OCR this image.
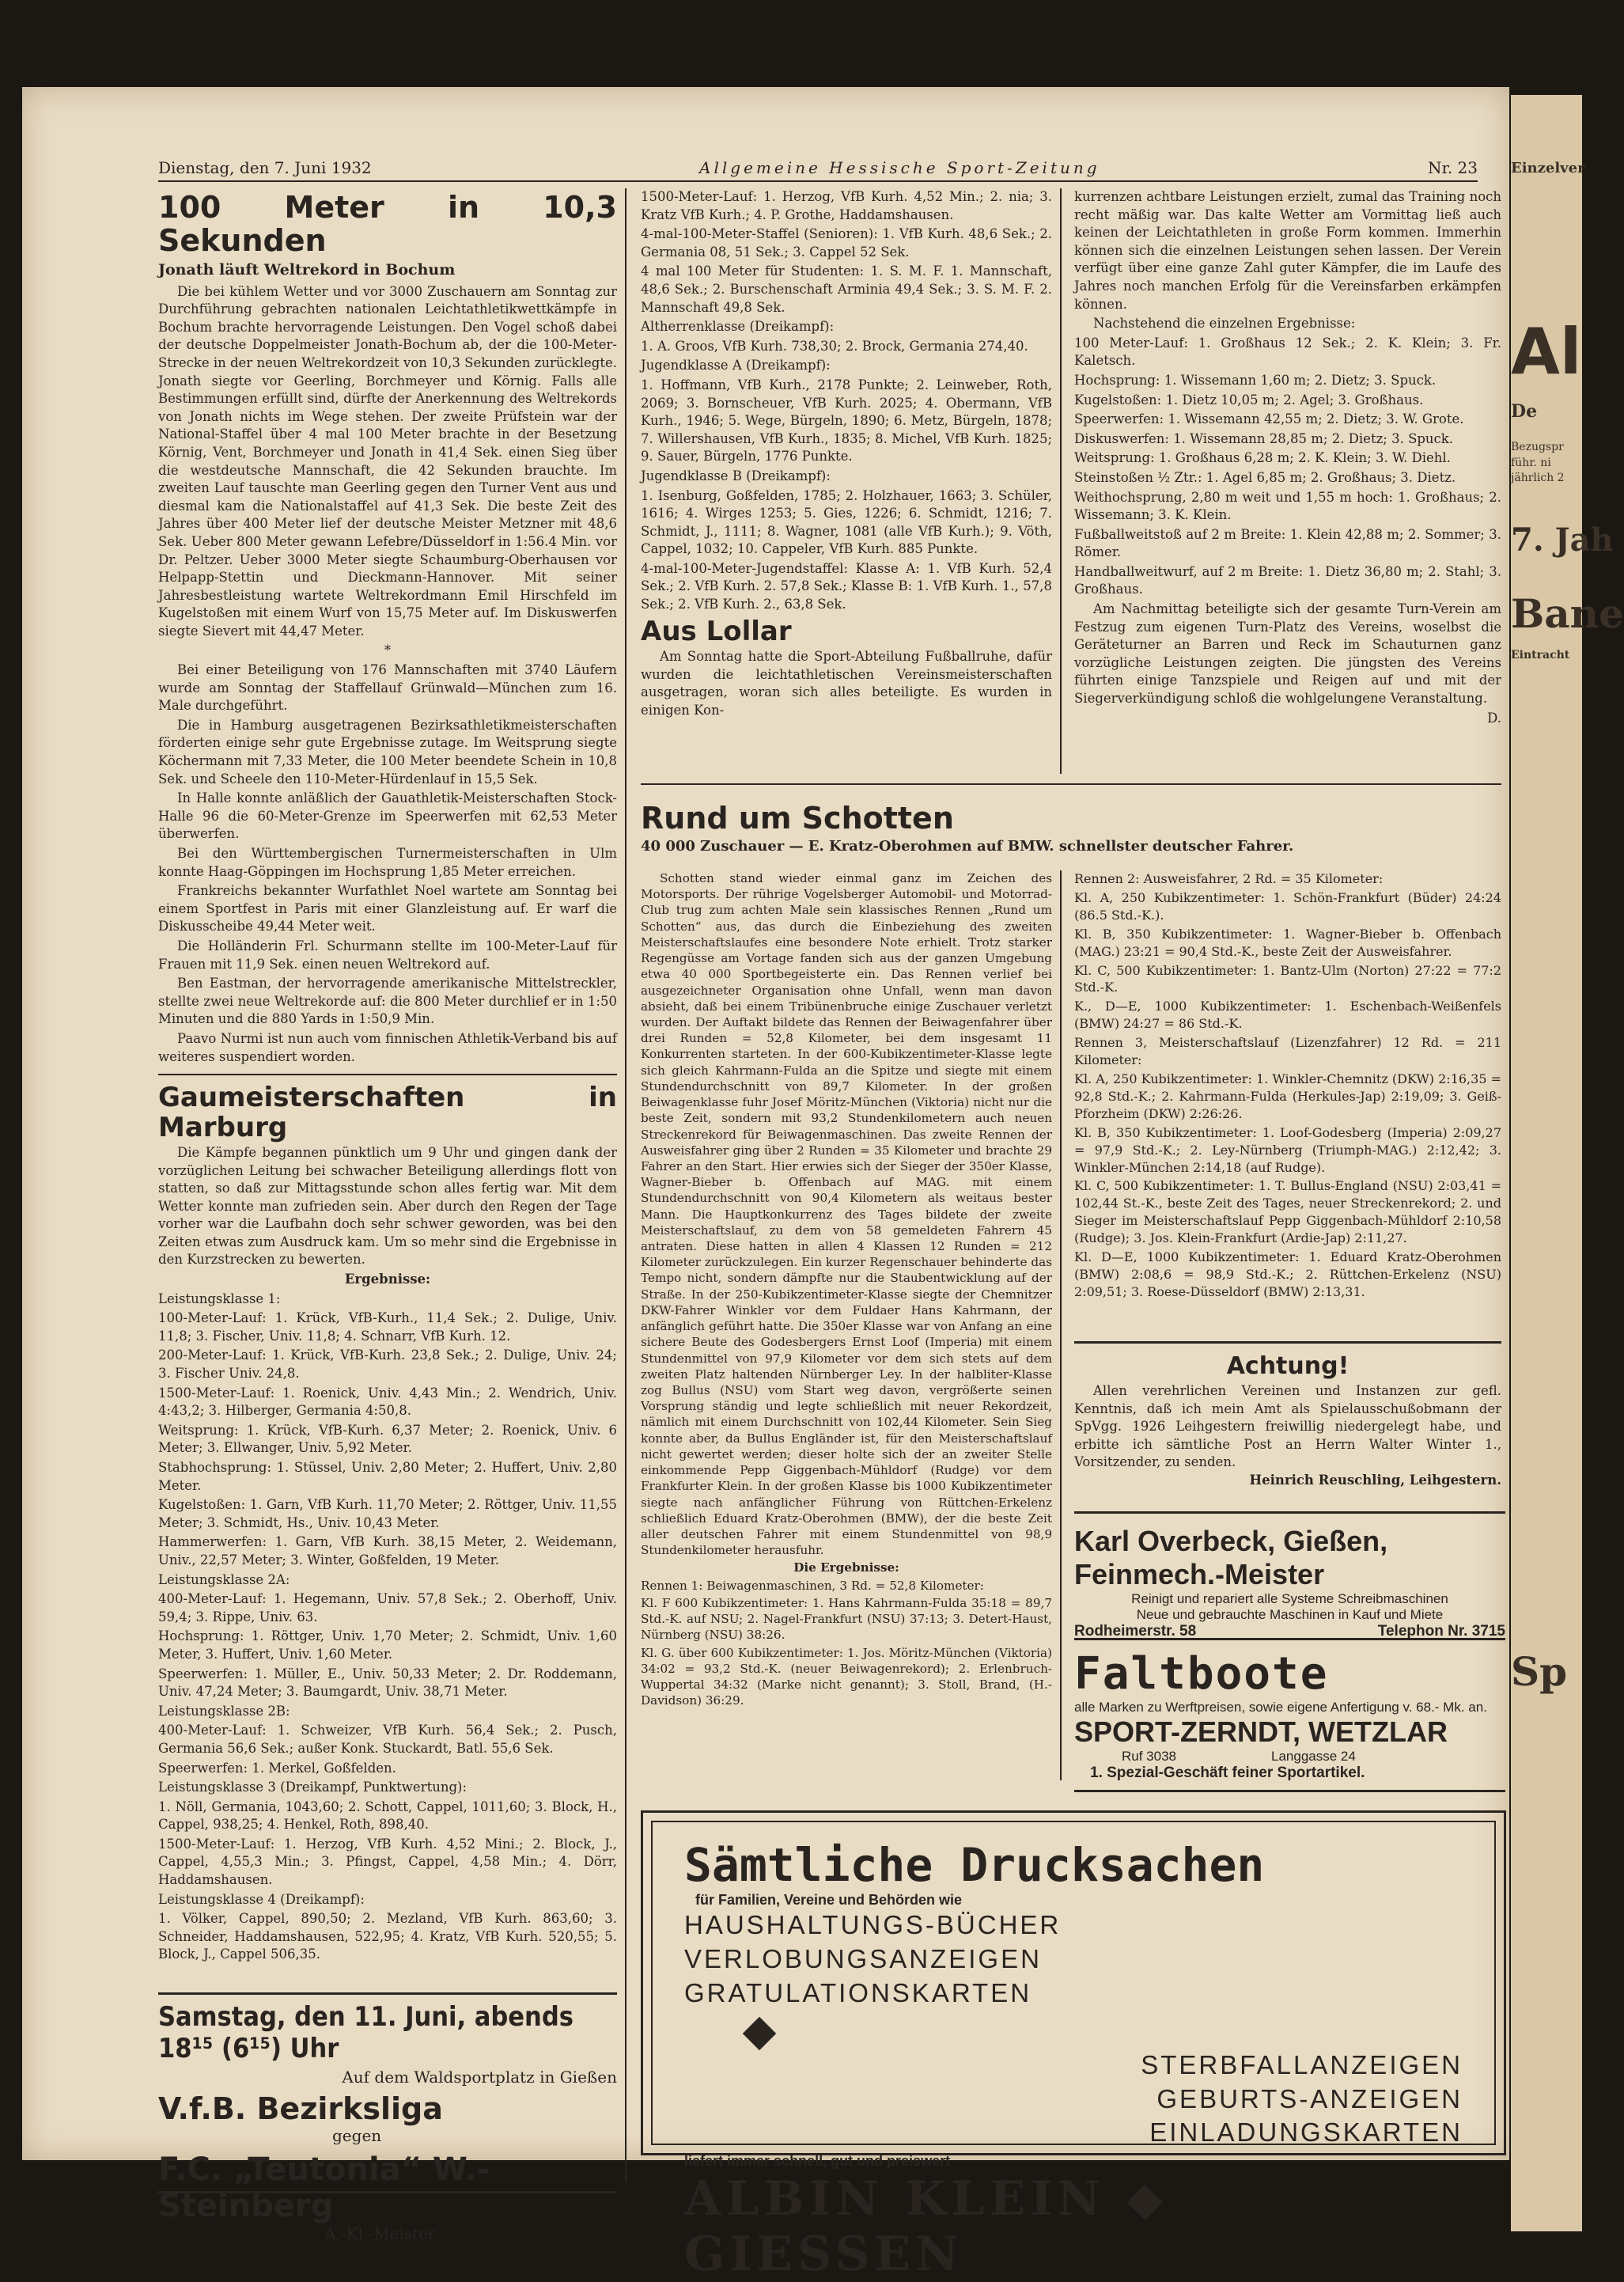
Dienstag, den 7. Juni 1932	Allgemeine Hessische Sport-Zeitung	Nr. 23
100 Meter in 10,3 Sekunden
Jonath läuft Weltrekord in Bochum

Die bei kühlem Wetter und vor 3000 Zuschauern am Sonntag zur Durchführung gebrachten nationalen Leichtathletikwettkämpfe in Bochum brachte hervorragende Leistungen. Den Vogel schoß dabei der deutsche Doppelmeister Jonath-Bochum ab, der die 100-Meter-Strecke in der neuen Weltrekordzeit von 10,3 Sekunden zurücklegte. Jonath siegte vor Geerling, Borchmeyer und Körnig. Falls alle Bestimmungen erfüllt sind, dürfte der Anerkennung des Weltrekords von Jonath nichts im Wege stehen. Der zweite Prüfstein war der National-Staffel über 4 mal 100 Meter brachte in der Besetzung Körnig, Vent, Borchmeyer und Jonath in 41,4 Sek. einen Sieg über die westdeutsche Mannschaft, die 42 Sekunden brauchte. Im zweiten Lauf tauschte man Geerling gegen den Turner Vent aus und diesmal kam die Nationalstaffel auf 41,3 Sek. Die beste Zeit des Jahres über 400 Meter lief der deutsche Meister Metzner mit 48,6 Sek. Ueber 800 Meter gewann Lefebre/Düsseldorf in 1:56.4 Min. vor Dr. Peltzer. Ueber 3000 Meter siegte Schaumburg-Oberhausen vor Helpapp-Stettin und Dieckmann-Hannover. Mit seiner Jahresbestleistung wartete Weltrekordmann Emil Hirschfeld im Kugelstoßen mit einem Wurf von 15,75 Meter auf. Im Diskuswerfen siegte Sievert mit 44,47 Meter.

*

Bei einer Beteiligung von 176 Mannschaften mit 3740 Läufern wurde am Sonntag der Staffellauf Grünwald—München zum 16. Male durchgeführt.

Die in Hamburg ausgetragenen Bezirksathletikmeisterschaften förderten einige sehr gute Ergebnisse zutage. Im Weitsprung siegte Köchermann mit 7,33 Meter, die 100 Meter beendete Schein in 10,8 Sek. und Scheele den 110-Meter-Hürdenlauf in 15,5 Sek.

In Halle konnte anläßlich der Gauathletik-Meisterschaften Stock-Halle 96 die 60-Meter-Grenze im Speerwerfen mit 62,53 Meter überwerfen.

Bei den Württembergischen Turnermeisterschaften in Ulm konnte Haag-Göppingen im Hochsprung 1,85 Meter erreichen.

Frankreichs bekannter Wurfathlet Noel wartete am Sonntag bei einem Sportfest in Paris mit einer Glanzleistung auf. Er warf die Diskusscheibe 49,44 Meter weit.

Die Holländerin Frl. Schurmann stellte im 100-Meter-Lauf für Frauen mit 11,9 Sek. einen neuen Weltrekord auf.

Ben Eastman, der hervorragende amerikanische Mittelstreckler, stellte zwei neue Weltrekorde auf: die 800 Meter durchlief er in 1:50 Minuten und die 880 Yards in 1:50,9 Min.

Paavo Nurmi ist nun auch vom finnischen Athletik-Verband bis auf weiteres suspendiert worden.

Gaumeisterschaften in Marburg

Die Kämpfe begannen pünktlich um 9 Uhr und gingen dank der vorzüglichen Leitung bei schwacher Beteiligung allerdings flott von statten, so daß zur Mittagsstunde schon alles fertig war. Mit dem Wetter konnte man zufrieden sein. Aber durch den Regen der Tage vorher war die Laufbahn doch sehr schwer geworden, was bei den Zeiten etwas zum Ausdruck kam. Um so mehr sind die Ergebnisse in den Kurzstrecken zu bewerten.

Ergebnisse:

Leistungsklasse 1:

100-Meter-Lauf: 1. Krück, VfB-Kurh., 11,4 Sek.; 2. Dulige, Univ. 11,8; 3. Fischer, Univ. 11,8; 4. Schnarr, VfB Kurh. 12.

200-Meter-Lauf: 1. Krück, VfB-Kurh. 23,8 Sek.; 2. Dulige, Univ. 24; 3. Fischer Univ. 24,8.

1500-Meter-Lauf: 1. Roenick, Univ. 4,43 Min.; 2. Wendrich, Univ. 4:43,2; 3. Hilberger, Germania 4:50,8.

Weitsprung: 1. Krück, VfB-Kurh. 6,37 Meter; 2. Roenick, Univ. 6 Meter; 3. Ellwanger, Univ. 5,92 Meter.

Stabhochsprung: 1. Stüssel, Univ. 2,80 Meter; 2. Huffert, Univ. 2,80 Meter.

Kugelstoßen: 1. Garn, VfB Kurh. 11,70 Meter; 2. Röttger, Univ. 11,55 Meter; 3. Schmidt, Hs., Univ. 10,43 Meter.

Hammerwerfen: 1. Garn, VfB Kurh. 38,15 Meter, 2. Weidemann, Univ., 22,57 Meter; 3. Winter, Goßfelden, 19 Meter.

Leistungsklasse 2A:

400-Meter-Lauf: 1. Hegemann, Univ. 57,8 Sek.; 2. Oberhoff, Univ. 59,4; 3. Rippe, Univ. 63.

Hochsprung: 1. Röttger, Univ. 1,70 Meter; 2. Schmidt, Univ. 1,60 Meter, 3. Huffert, Univ. 1,60 Meter.

Speerwerfen: 1. Müller, E., Univ. 50,33 Meter; 2. Dr. Roddemann, Univ. 47,24 Meter; 3. Baumgardt, Univ. 38,71 Meter.

Leistungsklasse 2B:

400-Meter-Lauf: 1. Schweizer, VfB Kurh. 56,4 Sek.; 2. Pusch, Germania 56,6 Sek.; außer Konk. Stuckardt, Batl. 55,6 Sek.

Speerwerfen: 1. Merkel, Goßfelden.

Leistungsklasse 3 (Dreikampf, Punktwertung):

1. Nöll, Germania, 1043,60; 2. Schott, Cappel, 1011,60; 3. Block, H., Cappel, 938,25; 4. Henkel, Roth, 898,40.

1500-Meter-Lauf: 1. Herzog, VfB Kurh. 4,52 Mini.; 2. Block, J., Cappel, 4,55,3 Min.; 3. Pfingst, Cappel, 4,58 Min.; 4. Dörr, Haddamshausen.

Leistungsklasse 4 (Dreikampf):

1. Völker, Cappel, 890,50; 2. Mezland, VfB Kurh. 863,60; 3. Schneider, Haddamshausen, 522,95; 4. Kratz, VfB Kurh. 520,55; 5. Block, J., Cappel 506,35.

Samstag, den 11. Juni, abends 18¹⁵ (6¹⁵) Uhr
Auf dem Waldsportplatz in Gießen
V.f.B. Bezirksliga
gegen
F.C. „Teutonia“ W.-Steinberg
A.-Kl.-Meister

1500-Meter-Lauf: 1. Herzog, VfB Kurh. 4,52 Min.; 2. nia; 3. Kratz VfB Kurh.; 4. P. Grothe, Haddamshausen.

4-mal-100-Meter-Staffel (Senioren): 1. VfB Kurh. 48,6 Sek.; 2. Germania 08, 51 Sek.; 3. Cappel 52 Sek.

4 mal 100 Meter für Studenten: 1. S. M. F. 1. Mannschaft, 48,6 Sek.; 2. Burschenschaft Arminia 49,4 Sek.; 3. S. M. F. 2. Mannschaft 49,8 Sek.

Altherrenklasse (Dreikampf):

1. A. Groos, VfB Kurh. 738,30; 2. Brock, Germania 274,40.

Jugendklasse A (Dreikampf):

1. Hoffmann, VfB Kurh., 2178 Punkte; 2. Leinweber, Roth, 2069; 3. Bornscheuer, VfB Kurh. 2025; 4. Obermann, VfB Kurh., 1946; 5. Wege, Bürgeln, 1890; 6. Metz, Bürgeln, 1878; 7. Willershausen, VfB Kurh., 1835; 8. Michel, VfB Kurh. 1825; 9. Sauer, Bürgeln, 1776 Punkte.

Jugendklasse B (Dreikampf):

1. Isenburg, Goßfelden, 1785; 2. Holzhauer, 1663; 3. Schüler, 1616; 4. Wirges 1253; 5. Gies, 1226; 6. Schmidt, 1216; 7. Schmidt, J., 1111; 8. Wagner, 1081 (alle VfB Kurh.); 9. Vöth, Cappel, 1032; 10. Cappeler, VfB Kurh. 885 Punkte.

4-mal-100-Meter-Jugendstaffel: Klasse A: 1. VfB Kurh. 52,4 Sek.; 2. VfB Kurh. 2. 57,8 Sek.; Klasse B: 1. VfB Kurh. 1., 57,8 Sek.; 2. VfB Kurh. 2., 63,8 Sek.

Aus Lollar

Am Sonntag hatte die Sport-Abteilung Fußballruhe, dafür wurden die leichtathletischen Vereinsmeisterschaften ausgetragen, woran sich alles beteiligte. Es wurden in einigen Kon-

kurrenzen achtbare Leistungen erzielt, zumal das Training noch recht mäßig war. Das kalte Wetter am Vormittag ließ auch keinen der Leichtathleten in große Form kommen. Immerhin können sich die einzelnen Leistungen sehen lassen. Der Verein verfügt über eine ganze Zahl guter Kämpfer, die im Laufe des Jahres noch manchen Erfolg für die Vereinsfarben erkämpfen können.

Nachstehend die einzelnen Ergebnisse:

100 Meter-Lauf: 1. Großhaus 12 Sek.; 2. K. Klein; 3. Fr. Kaletsch.

Hochsprung: 1. Wissemann 1,60 m; 2. Dietz; 3. Spuck.

Kugelstoßen: 1. Dietz 10,05 m; 2. Agel; 3. Großhaus.

Speerwerfen: 1. Wissemann 42,55 m; 2. Dietz; 3. W. Grote.

Diskuswerfen: 1. Wissemann 28,85 m; 2. Dietz; 3. Spuck.

Weitsprung: 1. Großhaus 6,28 m; 2. K. Klein; 3. W. Diehl.

Steinstoßen ½ Ztr.: 1. Agel 6,85 m; 2. Großhaus; 3. Dietz.

Weithochsprung, 2,80 m weit und 1,55 m hoch: 1. Großhaus; 2. Wissemann; 3. K. Klein.

Fußballweitstoß auf 2 m Breite: 1. Klein 42,88 m; 2. Sommer; 3. Römer.

Handballweitwurf, auf 2 m Breite: 1. Dietz 36,80 m; 2. Stahl; 3. Großhaus.

Am Nachmittag beteiligte sich der gesamte Turn-Verein am Festzug zum eigenen Turn-Platz des Vereins, woselbst die Geräteturner an Barren und Reck im Schauturnen ganz vorzügliche Leistungen zeigten. Die jüngsten des Vereins führten einige Tanzspiele und Reigen auf und mit der Siegerverkündigung schloß die wohlgelungene Veranstaltung.

D.

Rund um Schotten
40 000 Zuschauer — E. Kratz-Oberohmen auf BMW. schnellster deutscher Fahrer.

Schotten stand wieder einmal ganz im Zeichen des Motorsports. Der rührige Vogelsberger Automobil- und Motorrad-Club trug zum achten Male sein klassisches Rennen „Rund um Schotten“ aus, das durch die Einbeziehung des zweiten Meisterschaftslaufes eine besondere Note erhielt. Trotz starker Regengüsse am Vortage fanden sich aus der ganzen Umgebung etwa 40 000 Sportbegeisterte ein. Das Rennen verlief bei ausgezeichneter Organisation ohne Unfall, wenn man davon absieht, daß bei einem Tribünenbruche einige Zuschauer verletzt wurden. Der Auftakt bildete das Rennen der Beiwagenfahrer über drei Runden = 52,8 Kilometer, bei dem insgesamt 11 Konkurrenten starteten. In der 600-Kubikzentimeter-Klasse legte sich gleich Kahrmann-Fulda an die Spitze und siegte mit einem Stundendurchschnitt von 89,7 Kilometer. In der großen Beiwagenklasse fuhr Josef Möritz-München (Viktoria) nicht nur die beste Zeit, sondern mit 93,2 Stundenkilometern auch neuen Streckenrekord für Beiwagenmaschinen. Das zweite Rennen der Ausweisfahrer ging über 2 Runden = 35 Kilometer und brachte 29 Fahrer an den Start. Hier erwies sich der Sieger der 350er Klasse, Wagner-Bieber b. Offenbach auf MAG. mit einem Stundendurchschnitt von 90,4 Kilometern als weitaus bester Mann. Die Hauptkonkurrenz des Tages bildete der zweite Meisterschaftslauf, zu dem von 58 gemeldeten Fahrern 45 antraten. Diese hatten in allen 4 Klassen 12 Runden = 212 Kilometer zurückzulegen. Ein kurzer Regenschauer behinderte das Tempo nicht, sondern dämpfte nur die Staubentwicklung auf der Straße. In der 250-Kubikzentimeter-Klasse siegte der Chemnitzer DKW-Fahrer Winkler vor dem Fuldaer Hans Kahrmann, der anfänglich geführt hatte. Die 350er Klasse war von Anfang an eine sichere Beute des Godesbergers Ernst Loof (Imperia) mit einem Stundenmittel von 97,9 Kilometer vor dem sich stets auf dem zweiten Platz haltenden Nürnberger Ley. In der halbliter-Klasse zog Bullus (NSU) vom Start weg davon, vergrößerte seinen Vorsprung ständig und legte schließlich mit neuer Rekordzeit, nämlich mit einem Durchschnitt von 102,44 Kilometer. Sein Sieg konnte aber, da Bullus Engländer ist, für den Meisterschaftslauf nicht gewertet werden; dieser holte sich der an zweiter Stelle einkommende Pepp Giggenbach-Mühldorf (Rudge) vor dem Frankfurter Klein. In der großen Klasse bis 1000 Kubikzentimeter siegte nach anfänglicher Führung von Rüttchen-Erkelenz schließlich Eduard Kratz-Oberohmen (BMW), der die beste Zeit aller deutschen Fahrer mit einem Stundenmittel von 98,9 Stundenkilometer herausfuhr.

Die Ergebnisse:

Rennen 1: Beiwagenmaschinen, 3 Rd. = 52,8 Kilometer:

Kl. F 600 Kubikzentimeter: 1. Hans Kahrmann-Fulda 35:18 = 89,7 Std.-K. auf NSU; 2. Nagel-Frankfurt (NSU) 37:13; 3. Detert-Haust, Nürnberg (NSU) 38:26.

Kl. G. über 600 Kubikzentimeter: 1. Jos. Möritz-München (Viktoria) 34:02 = 93,2 Std.-K. (neuer Beiwagenrekord); 2. Erlenbruch-Wuppertal 34:32 (Marke nicht genannt); 3. Stoll, Brand, (H.-Davidson) 36:29.

Rennen 2: Ausweisfahrer, 2 Rd. = 35 Kilometer:

Kl. A, 250 Kubikzentimeter: 1. Schön-Frankfurt (Büder) 24:24 (86.5 Std.-K.).

Kl. B, 350 Kubikzentimeter: 1. Wagner-Bieber b. Offenbach (MAG.) 23:21 = 90,4 Std.-K., beste Zeit der Ausweisfahrer.

Kl. C, 500 Kubikzentimeter: 1. Bantz-Ulm (Norton) 27:22 = 77:2 Std.-K.

K., D—E, 1000 Kubikzentimeter: 1. Eschenbach-Weißenfels (BMW) 24:27 = 86 Std.-K.

Rennen 3, Meisterschaftslauf (Lizenzfahrer) 12 Rd. = 211 Kilometer:

Kl. A, 250 Kubikzentimeter: 1. Winkler-Chemnitz (DKW) 2:16,35 = 92,8 Std.-K.; 2. Kahrmann-Fulda (Herkules-Jap) 2:19,09; 3. Geiß- Pforzheim (DKW) 2:26:26.

Kl. B, 350 Kubikzentimeter: 1. Loof-Godesberg (Imperia) 2:09,27 = 97,9 Std.-K.; 2. Ley-Nürnberg (Triumph-MAG.) 2:12,42; 3. Winkler-München 2:14,18 (auf Rudge).

Kl. C, 500 Kubikzentimeter: 1. T. Bullus-England (NSU) 2:03,41 = 102,44 St.-K., beste Zeit des Tages, neuer Streckenrekord; 2. und Sieger im Meisterschaftslauf Pepp Giggenbach-Mühldorf 2:10,58 (Rudge); 3. Jos. Klein-Frankfurt (Ardie-Jap) 2:11,27.

Kl. D—E, 1000 Kubikzentimeter: 1. Eduard Kratz-Oberohmen (BMW) 2:08,6 = 98,9 Std.-K.; 2. Rüttchen-Erkelenz (NSU) 2:09,51; 3. Roese-Düsseldorf (BMW) 2:13,31.

Achtung!

Allen verehrlichen Vereinen und Instanzen zur gefl. Kenntnis, daß ich mein Amt als Spielausschußobmann der SpVgg. 1926 Leihgestern freiwillig niedergelegt habe, und erbitte ich sämtliche Post an Herrn Walter Winter 1., Vorsitzender, zu senden.

Heinrich Reuschling, Leihgestern.

Karl Overbeck, Gießen, Feinmech.-Meister
Reinigt und repariert alle Systeme Schreibmaschinen
Neue und gebrauchte Maschinen in Kauf und Miete
Rodheimerstr. 58	Telephon Nr. 3715
Faltboote
alle Marken zu Werftpreisen, sowie eigene Anfertigung v. 68.- Mk. an.
SPORT-ZERNDT, WETZLAR
Ruf 3038	Langgasse 24
1. Spezial-Geschäft feiner Sportartikel.
Sämtliche Drucksachen für Familien, Vereine und Behörden wie
HAUSHALTUNGS-BÜCHER
VERLOBUNGSANZEIGEN
GRATULATIONSKARTEN
STERBFALLANZEIGEN
GEBURTS-ANZEIGEN
EINLADUNGSKARTEN
liefert immer schnell, gut und preiswert
ALBIN KLEIN ◆ GIESSEN

Einzelver

Al

De

Bezugspr

führ. ni

jährlich 2

7. Jah

Bane

Eintracht

Sp
